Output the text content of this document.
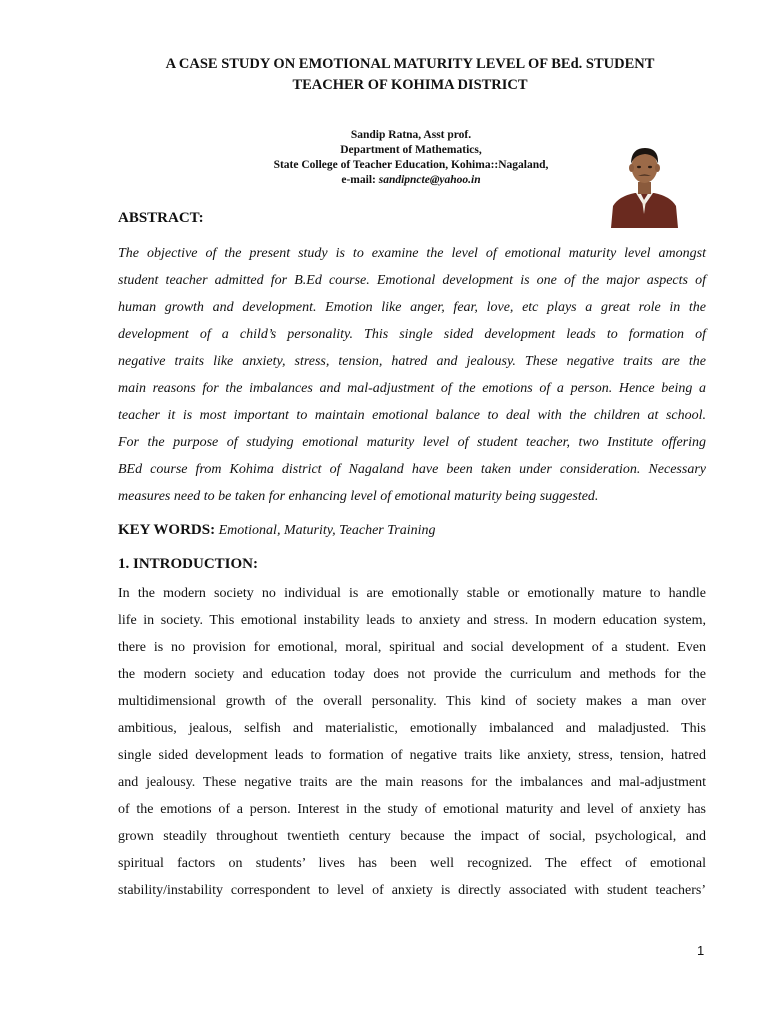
A CASE STUDY ON EMOTIONAL MATURITY LEVEL OF BEd. STUDENT
TEACHER OF KOHIMA DISTRICT
Sandip Ratna, Asst prof.
Department of Mathematics,
State College of Teacher Education, Kohima::Nagaland,
e-mail: sandipncte@yahoo.in
ABSTRACT:
The objective of the present study is to examine the level of emotional maturity level amongst
student teacher admitted for B.Ed course. Emotional development is one of the major aspects of
human growth and development. Emotion like anger, fear, love, etc plays a great role in the
development of a child’s personality. This single sided development leads to formation of
negative traits like anxiety, stress, tension, hatred and jealousy. These negative traits are the
main reasons for the imbalances and mal-adjustment of the emotions of a person. Hence being a
teacher it is most important to maintain emotional balance to deal with the children at school.
For the purpose of studying emotional maturity level of student teacher, two Institute offering
BEd course from Kohima district of Nagaland have been taken under consideration. Necessary
measures need to be taken for enhancing level of emotional maturity being suggested.
KEY WORDS: Emotional, Maturity, Teacher Training
1. INTRODUCTION:
In the modern society no individual is are emotionally stable or emotionally mature to handle
life in society. This emotional instability leads to anxiety and stress. In modern education system,
there is no provision for emotional, moral, spiritual and social development of a student. Even
the modern society and education today does not provide the curriculum and methods for the
multidimensional growth of the overall personality. This kind of society makes a man over
ambitious, jealous, selfish and materialistic, emotionally imbalanced and maladjusted. This
single sided development leads to formation of negative traits like anxiety, stress, tension, hatred
and jealousy. These negative traits are the main reasons for the imbalances and mal-adjustment
of the emotions of a person. Interest in the study of emotional maturity and level of anxiety has
grown steadily throughout twentieth century because the impact of social, psychological, and
spiritual factors on students’ lives has been well recognized. The effect of emotional
stability/instability correspondent to level of anxiety is directly associated with student teachers’
1
